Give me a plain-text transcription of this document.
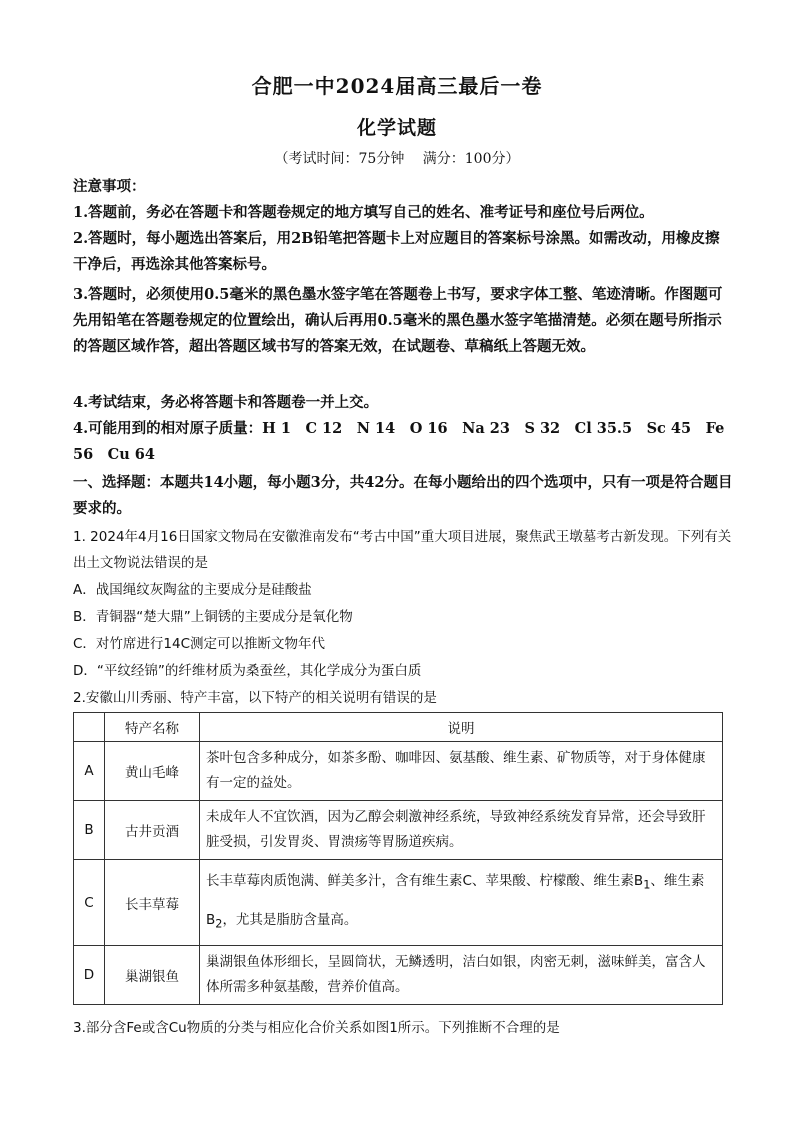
合肥一中2024届高三最后一卷
化学试题
（考试时间：75分钟　 满分：100分）
注意事项：
1.答题前，务必在答题卡和答题卷规定的地方填写自己的姓名、准考证号和座位号后两位。
2.答题时，每小题选出答案后，用2B铅笔把答题卡上对应题目的答案标号涂黑。如需改动，用橡皮擦干净后，再选涂其他答案标号。
3.答题时，必须使用0.5毫米的黑色墨水签字笔在答题卷上书写，要求字体工整、笔迹清晰。作图题可先用铅笔在答题卷规定的位置绘出，确认后再用0.5毫米的黑色墨水签字笔描清楚。必须在题号所指示的答题区域作答，超出答题区域书写的答案无效，在试题卷、草稿纸上答题无效。
4.考试结束，务必将答题卡和答题卷一并上交。
4.可能用到的相对原子质量：H 1　C 12　N 14　O 16　Na 23　S 32　Cl 35.5　Sc 45　Fe 56　Cu 64
一、选择题：本题共14小题，每小题3分，共42分。在每小题给出的四个选项中，只有一项是符合题目要求的。
1. 2024年4月16日国家文物局在安徽淮南发布“考古中国”重大项目进展，聚焦武王墩墓考古新发现。下列有关出土文物说法错误的是
A．战国绳纹灰陶盆的主要成分是硅酸盐
B．青铜器“楚大鼎”上铜锈的主要成分是氧化物
C．对竹席进行14C测定可以推断文物年代
D．“平纹经锦”的纤维材质为桑蚕丝，其化学成分为蛋白质
2.安徽山川秀丽、特产丰富，以下特产的相关说明有错误的是
	特产名称	说明
A	黄山毛峰	茶叶包含多种成分，如茶多酚、咖啡因、氨基酸、维生素、矿物质等，对于身体健康有一定的益处。
B	古井贡酒	未成年人不宜饮酒，因为乙醇会刺激神经系统，导致神经系统发育异常，还会导致肝脏受损，引发胃炎、胃溃疡等胃肠道疾病。
C	长丰草莓	长丰草莓肉质饱满、鲜美多汁，含有维生素C、苹果酸、柠檬酸、维生素$B_1$、维生素$B_2$，尤其是脂肪含量高。
D	巢湖银鱼	巢湖银鱼体形细长，呈圆筒状，无鳞透明，洁白如银，肉密无刺，滋味鲜美，富含人体所需多种氨基酸，营养价值高。
3.部分含Fe或含Cu物质的分类与相应化合价关系如图1所示。下列推断不合理的是
